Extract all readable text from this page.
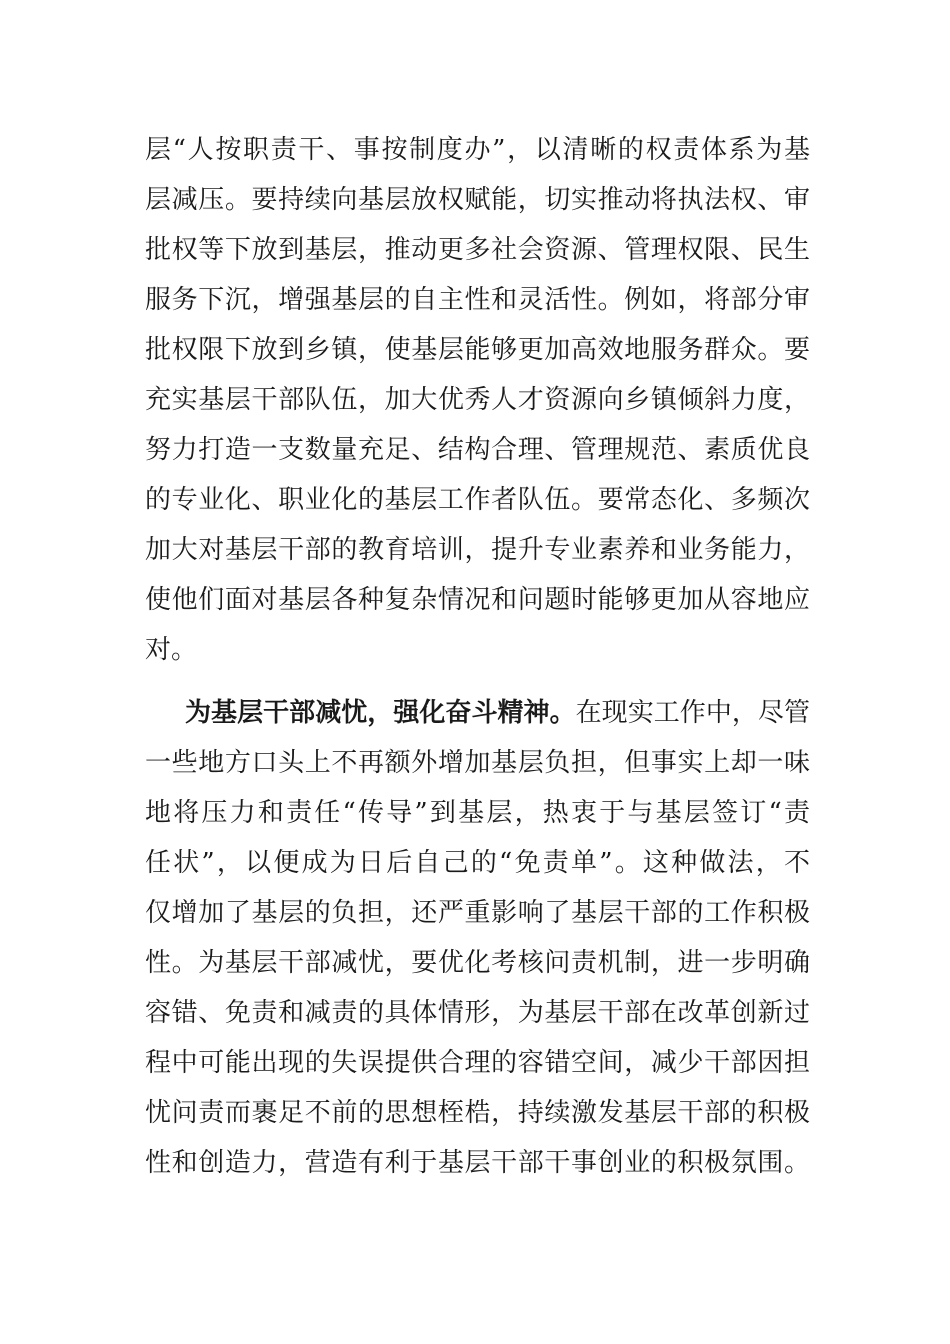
层“人按职责干、事按制度办”，以清晰的权责体系为基
层减压。要持续向基层放权赋能，切实推动将执法权、审
批权等下放到基层，推动更多社会资源、管理权限、民生
服务下沉，增强基层的自主性和灵活性。例如，将部分审
批权限下放到乡镇，使基层能够更加高效地服务群众。要
充实基层干部队伍，加大优秀人才资源向乡镇倾斜力度，
努力打造一支数量充足、结构合理、管理规范、素质优良
的专业化、职业化的基层工作者队伍。要常态化、多频次
加大对基层干部的教育培训，提升专业素养和业务能力，
使他们面对基层各种复杂情况和问题时能够更加从容地应
对。
为基层干部减忧，强化奋斗精神。在现实工作中，尽管
一些地方口头上不再额外增加基层负担，但事实上却一味
地将压力和责任“传导”到基层，热衷于与基层签订“责
任状”，以便成为日后自己的“免责单”。这种做法，不
仅增加了基层的负担，还严重影响了基层干部的工作积极
性。为基层干部减忧，要优化考核问责机制，进一步明确
容错、免责和减责的具体情形，为基层干部在改革创新过
程中可能出现的失误提供合理的容错空间，减少干部因担
忧问责而裹足不前的思想桎梏，持续激发基层干部的积极
性和创造力，营造有利于基层干部干事创业的积极氛围。
